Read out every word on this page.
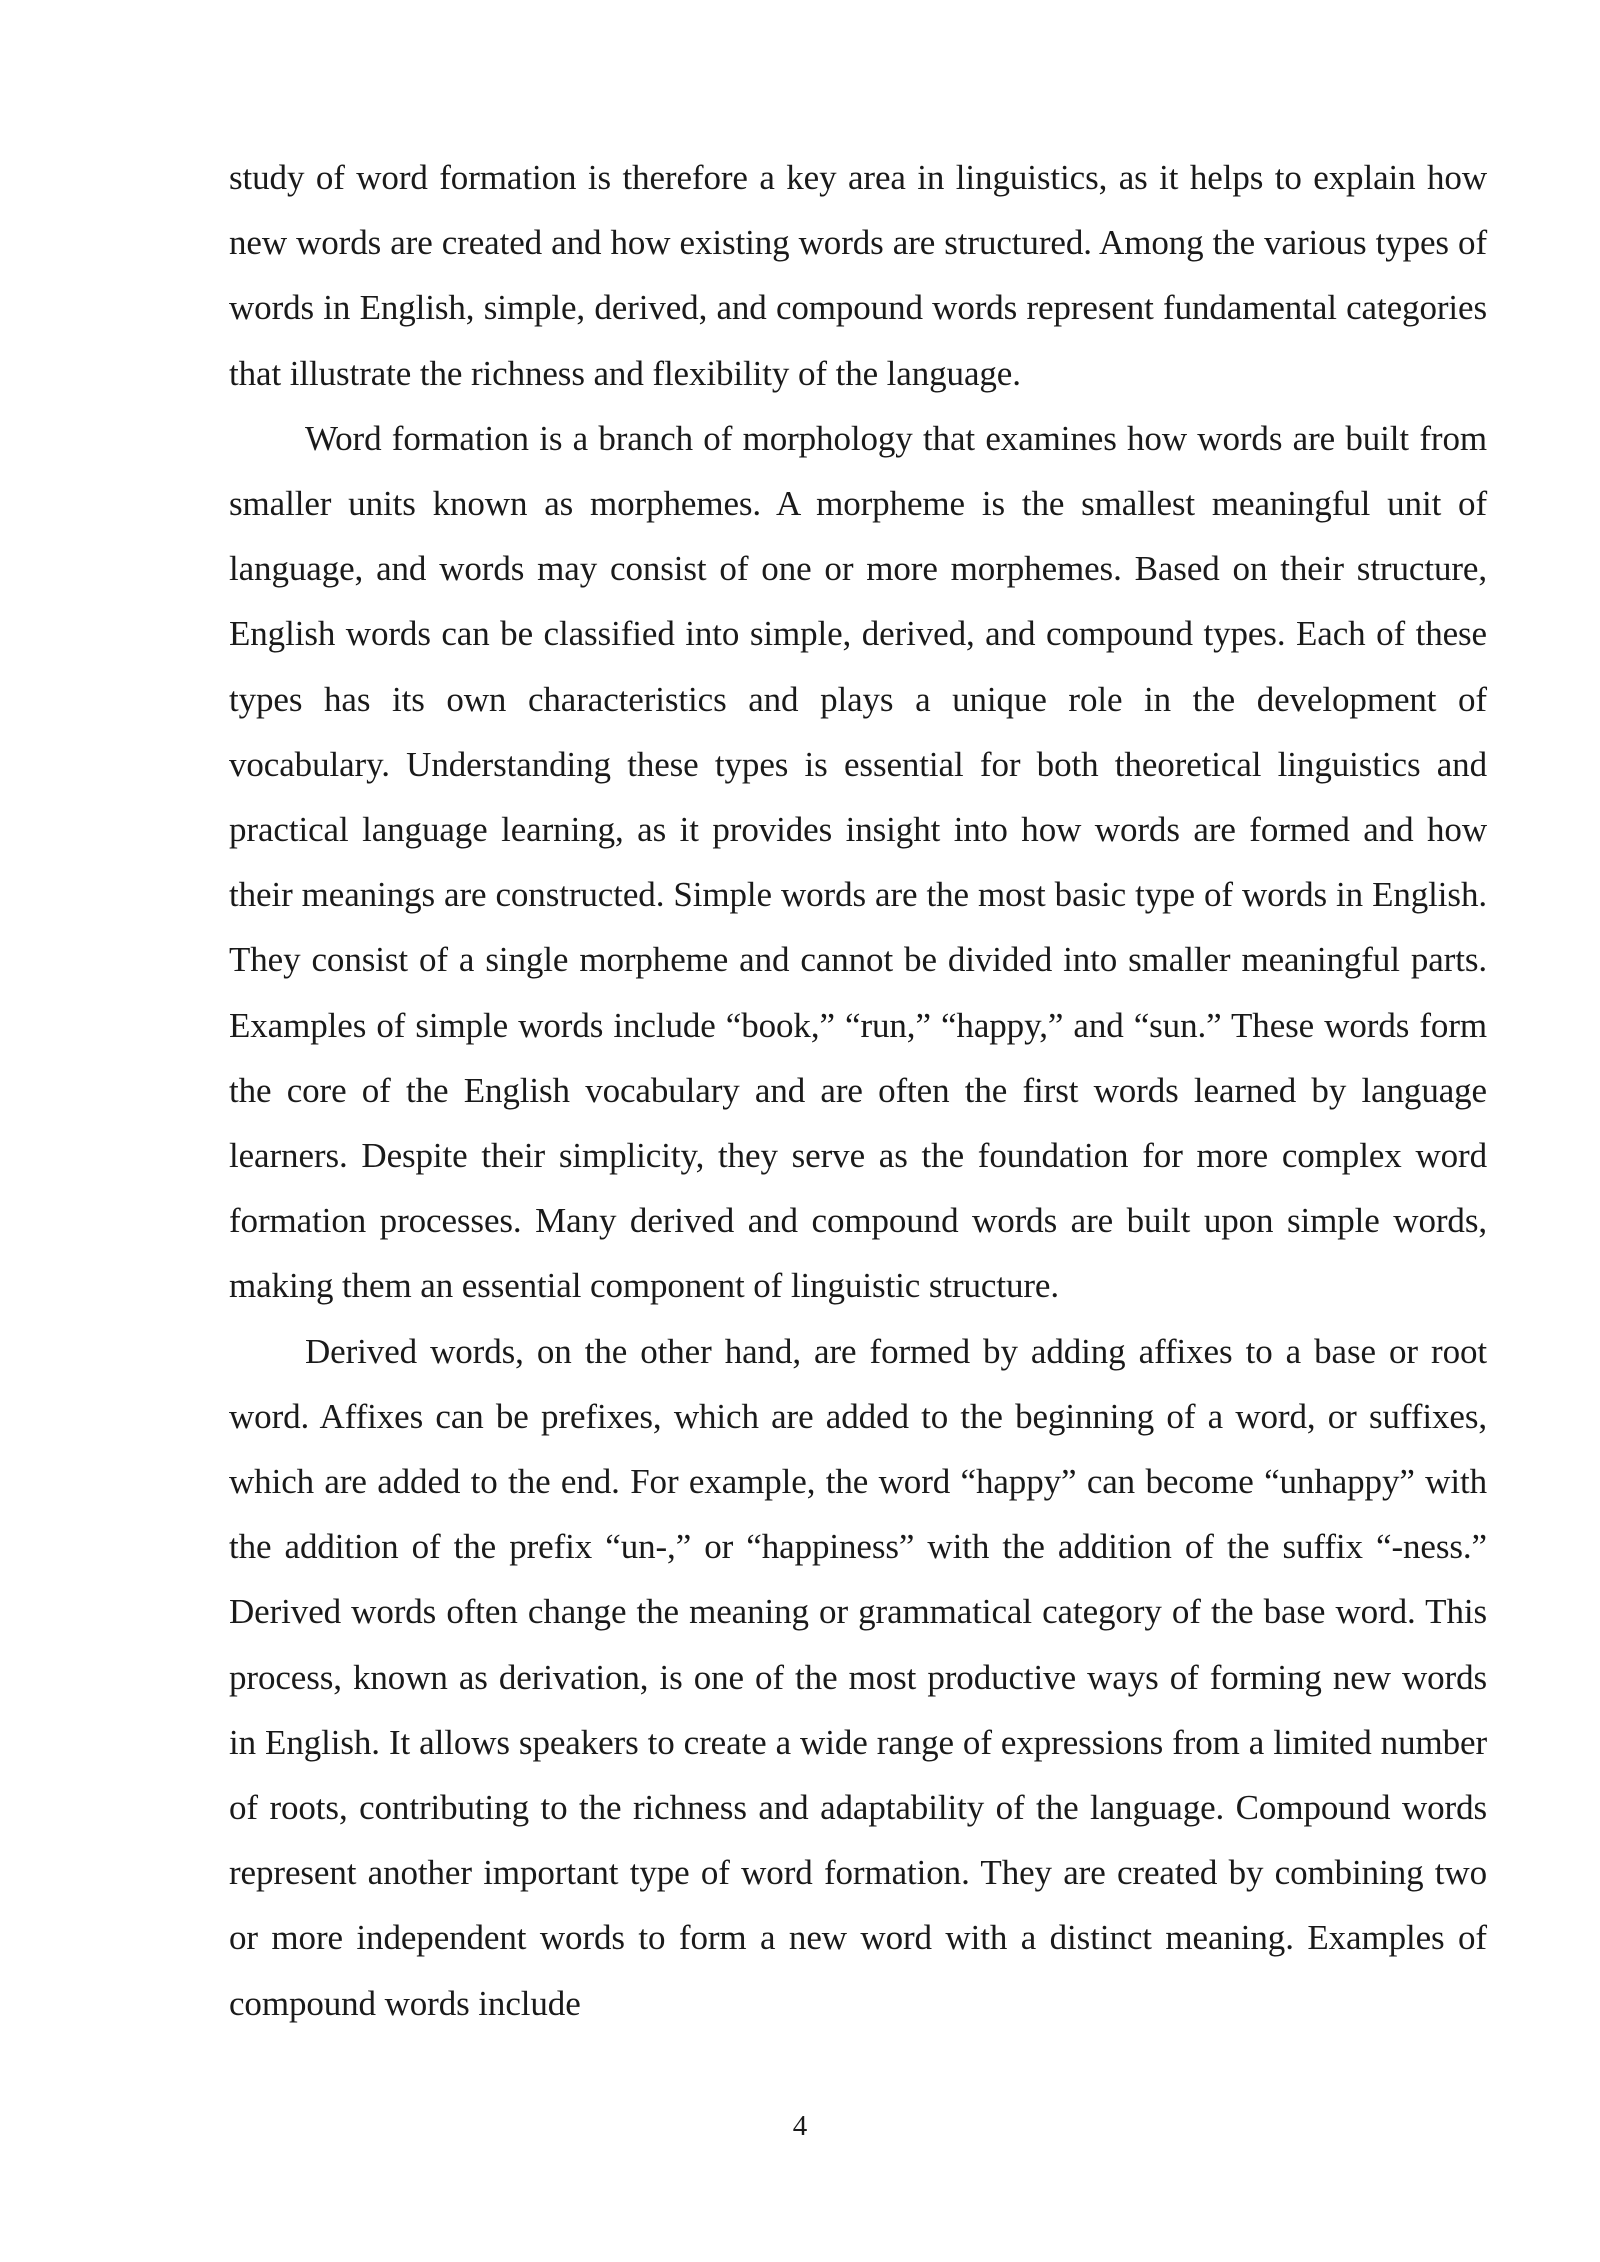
study of word formation is therefore a key area in linguistics, as it helps to explain how new words are created and how existing words are structured. Among the various types of words in English, simple, derived, and compound words represent fundamental categories that illustrate the richness and flexibility of the language.

Word formation is a branch of morphology that examines how words are built from smaller units known as morphemes. A morpheme is the smallest meaningful unit of language, and words may consist of one or more morphemes. Based on their structure, English words can be classified into simple, derived, and compound types. Each of these types has its own characteristics and plays a unique role in the development of vocabulary. Understanding these types is essential for both theoretical linguistics and practical language learning, as it provides insight into how words are formed and how their meanings are constructed. Simple words are the most basic type of words in English. They consist of a single morpheme and cannot be divided into smaller meaningful parts. Examples of simple words include “book,” “run,” “happy,” and “sun.” These words form the core of the English vocabulary and are often the first words learned by language learners. Despite their simplicity, they serve as the foundation for more complex word formation processes. Many derived and compound words are built upon simple words, making them an essential component of linguistic structure.

Derived words, on the other hand, are formed by adding affixes to a base or root word. Affixes can be prefixes, which are added to the beginning of a word, or suffixes, which are added to the end. For example, the word “happy” can become “unhappy” with the addition of the prefix “un-,” or “happiness” with the addition of the suffix “-ness.” Derived words often change the meaning or grammatical category of the base word. This process, known as derivation, is one of the most productive ways of forming new words in English. It allows speakers to create a wide range of expressions from a limited number of roots, contributing to the richness and adaptability of the language. Compound words represent another important type of word formation. They are created by combining two or more independent words to form a new word with a distinct meaning. Examples of compound words include

4
